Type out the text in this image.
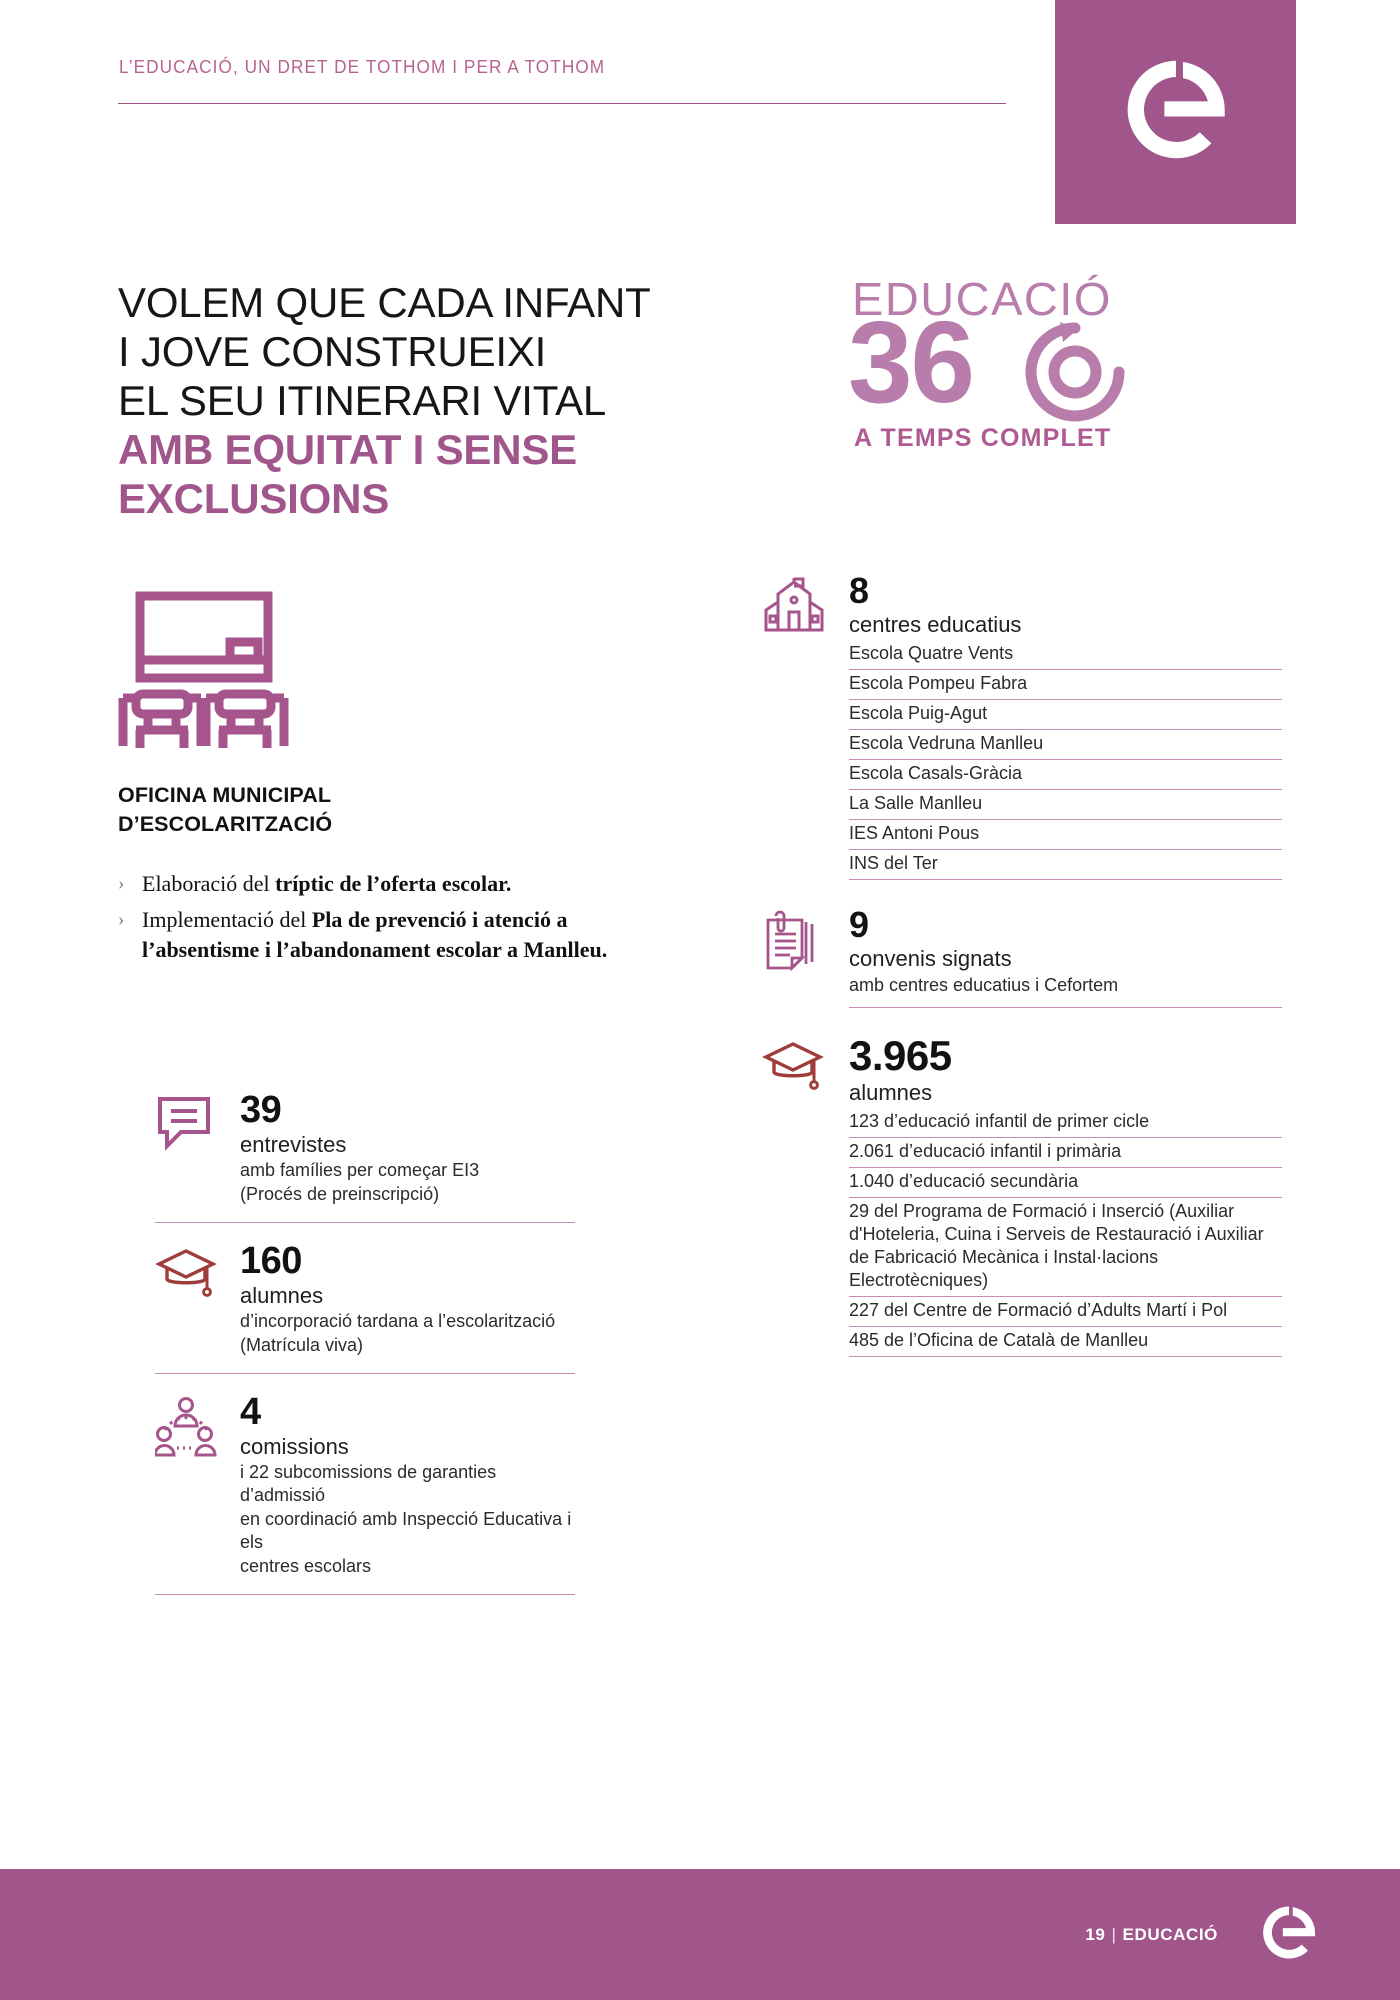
L’EDUCACIÓ, UN DRET DE TOTHOM I PER A TOTHOM
VOLEM QUE CADA INFANT
I JOVE CONSTRUEIXI
EL SEU ITINERARI VITAL
AMB EQUITAT I SENSE
EXCLUSIONS
EDUCACIÓ
36
A TEMPS COMPLET
OFICINA MUNICIPAL
D’ESCOLARITZACIÓ
› Elaboració del tríptic de l’oferta escolar.
› Implementació del Pla de prevenció i atenció a l’absentisme i l’abandonament escolar a Manlleu.
39
entrevistes
amb famílies per começar EI3
(Procés de preinscripció)
160
alumnes
d’incorporació tardana a l’escolarització
(Matrícula viva)
4
comissions
i 22 subcomissions de garanties d’admissió
en coordinació amb Inspecció Educativa i els
centres escolars
8
centres educatius
Escola Quatre Vents
Escola Pompeu Fabra
Escola Puig-Agut
Escola Vedruna Manlleu
Escola Casals-Gràcia
La Salle Manlleu
IES Antoni Pous
INS del Ter
9
convenis signats
amb centres educatius i Cefortem
3.965
alumnes
123 d’educació infantil de primer cicle
2.061 d’educació infantil i primària
1.040 d’educació secundària
29 del Programa de Formació i Inserció (Auxiliar d'Hoteleria, Cuina i Serveis de Restauració i Auxiliar de Fabricació Mecànica i Instal·lacions Electrotècniques)
227 del Centre de Formació d’Adults Martí i Pol
485 de l’Oficina de Català de Manlleu
19 | EDUCACIÓ
